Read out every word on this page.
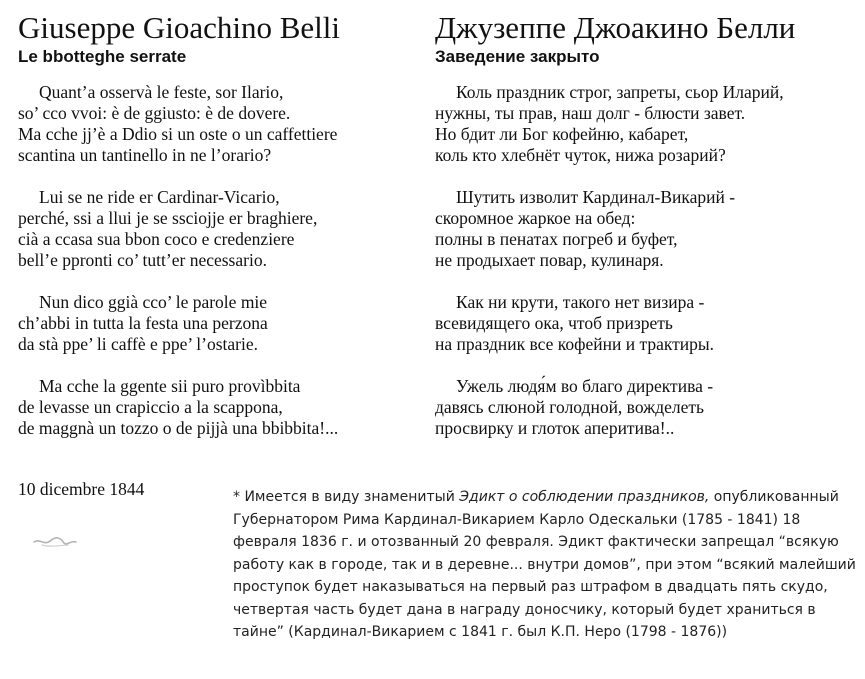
Giuseppe Gioachino Belli
Le bbotteghe serrate
Quant’a osservà le feste, sor Ilario,
so’ cco vvoi: è de ggiusto: è de dovere.
Ma cche jj’è a Ddio si un oste o un caffettiere
scantina un tantinello in ne l’orario?
Lui se ne ride er Cardinar-Vicario,
perché, ssi a llui je se ssciojje er braghiere,
cià a ccasa sua bbon coco e credenziere
bell’e ppronti co’ tutt’er necessario.
Nun dico ggià cco’ le parole mie
ch’abbi in tutta la festa una perzona
da stà ppe’ li caffè e ppe’ l’ostarie.
Ma cche la ggente sii puro provìbbita
de levasse un crapiccio a la scappona,
de maggnà un tozzo o de pijjà una bbibbita!...
Джузеппе Джоакино Белли
Заведение закрыто
Коль праздник строг, запреты, сьор Иларий,
нужны, ты прав, наш долг - блюсти завет.
Но бдит ли Бог кофейню, кабарет,
коль кто хлебнёт чуток, нижа розарий?
Шутить изволит Кардинал-Викарий -
скоромное жаркое на обед:
полны в пенатах погреб и буфет,
не продыхает повар, кулинаря.
Как ни крути, такого нет визира -
всевидящего ока, чтоб призреть
на праздник все кофейни и трактиры.
Ужель людя́м во благо директива -
давясь слюной голодной, вожделеть
просвирку и глоток аперитива!..
10 dicembre 1844	* Имеется в виду знаменитый Эдикт о соблюдении праздников, опубликованный Губернатором Рима Кардинал-Викарием Карло Одескальки (1785 - 1841) 18 февраля 1836 г. и отозванный 20 февраля. Эдикт фактически запрещал “всякую работу как в городе, так и в деревне... внутри домов”, при этом “всякий малейший проступок будет наказываться на первый раз штрафом в двадцать пять скудо, четвертая часть будет дана в награду доносчику, который будет храниться в тайне” (Кардинал-Викарием с 1841 г. был К.П. Неро (1798 - 1876))
